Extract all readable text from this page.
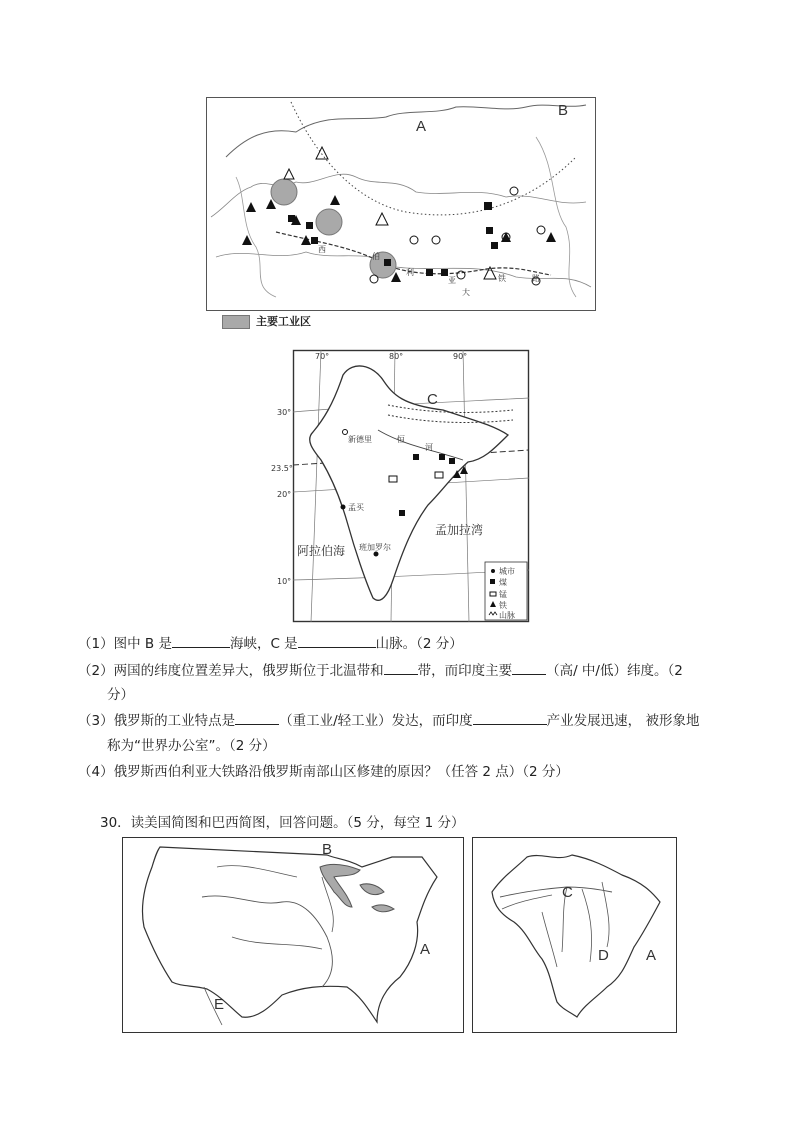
A
B
西
伯
利
亚
大
铁	路
主要工业区
70°	80°	90°
30°
23.5°
20°
10°
C
新德里
孟买
班加罗尔
恒
河
孟加拉湾
阿拉伯海
城市
煤
锰
铁
山脉
（1）图中 B 是	海峡，C 是	山脉。（2 分）
（2）两国的纬度位置差异大，俄罗斯位于北温带和	带，而印度主要	（高/ 中/低）纬度。（2
分）
（3）俄罗斯的工业特点是	（重工业/轻工业）发达，而印度	产业发展迅速， 被形象地
称为“世界办公室”。（2 分）
（4）俄罗斯西伯利亚大铁路沿俄罗斯南部山区修建的原因？（任答 2 点）（2 分）
30．读美国简图和巴西简图，回答问题。（5 分，每空 1 分）
B
A
E
C
D A
